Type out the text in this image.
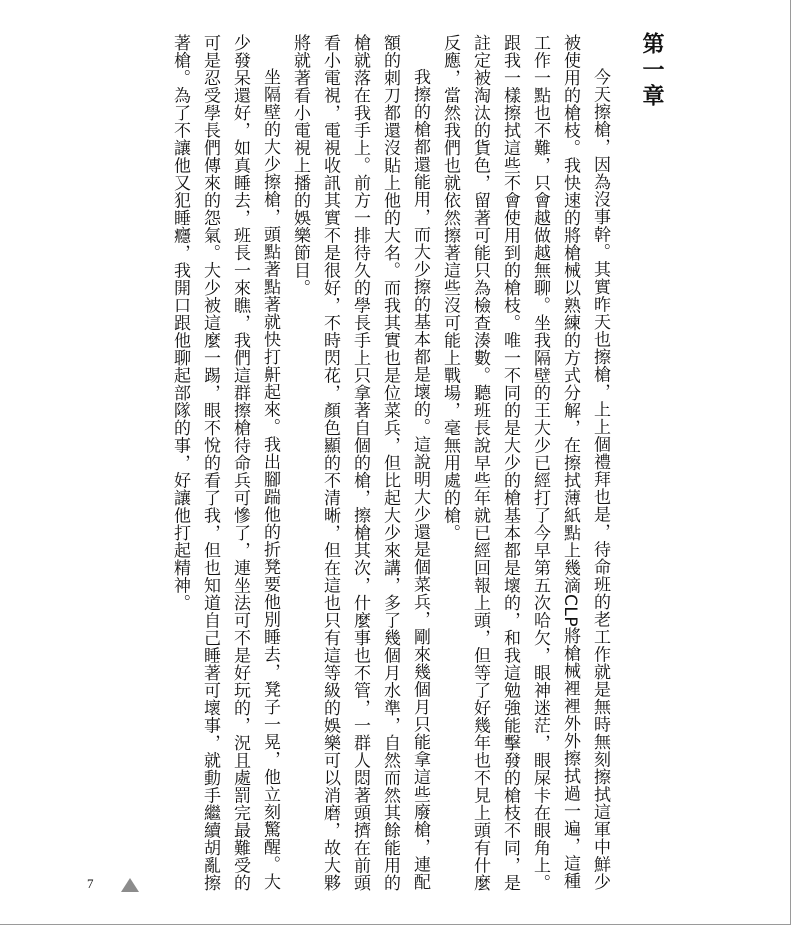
第一章

今天擦槍，因為沒事幹。其實昨天也擦槍，上上個禮拜也是，待命班的老工作就是無時無刻擦拭這軍中鮮少被使用的槍枝。我快速的將槍械以熟練的方式分解，在擦拭薄紙點上幾滴CLP將槍械裡裡外外擦拭過一遍，這種工作一點也不難，只會越做越無聊。坐我隔壁的王大少已經打了今早第五次哈欠，眼神迷茫，眼屎卡在眼角上。跟我一樣擦拭這些不會使用到的槍枝。唯一不同的是大少的槍基本都是壞的，和我這勉強能擊發的槍枝不同，是註定被淘汰的貨色，留著可能只為檢查湊數。聽班長說早些年就已經回報上頭，但等了好幾年也不見上頭有什麼反應，當然我們也就依然擦著這些沒可能上戰場，毫無用處的槍。

我擦的槍都還能用，而大少擦的基本都是壞的。這說明大少還是個菜兵，剛來幾個月只能拿這些廢槍，連配額的刺刀都還沒貼上他的大名。而我其實也是位菜兵，但比起大少來講，多了幾個月水準，自然而然其餘能用的槍就落在我手上。前方一排待久的學長手上只拿著自個的槍，擦槍其次，什麼事也不管，一群人悶著頭擠在前頭看小電視，電視收訊其實不是很好，不時閃花，顏色顯的不清晰，但在這也只有這等級的娛樂可以消磨，故大夥將就著看小電視上播的娛樂節目。

坐隔壁的大少擦槍，頭點著點著就快打鼾起來。我出腳踹他的折凳要他別睡去，凳子一晃，他立刻驚醒。大少發呆還好，如真睡去，班長一來瞧，我們這群擦槍待命兵可慘了，連坐法可不是好玩的，況且處罰完最難受的可是忍受學長們傳來的怨氣。大少被這麼一踢，眼不悅的看了我，但也知道自己睡著可壞事，就動手繼續胡亂擦著槍。為了不讓他又犯睡癮，我開口跟他聊起部隊的事，好讓他打起精神。

7
